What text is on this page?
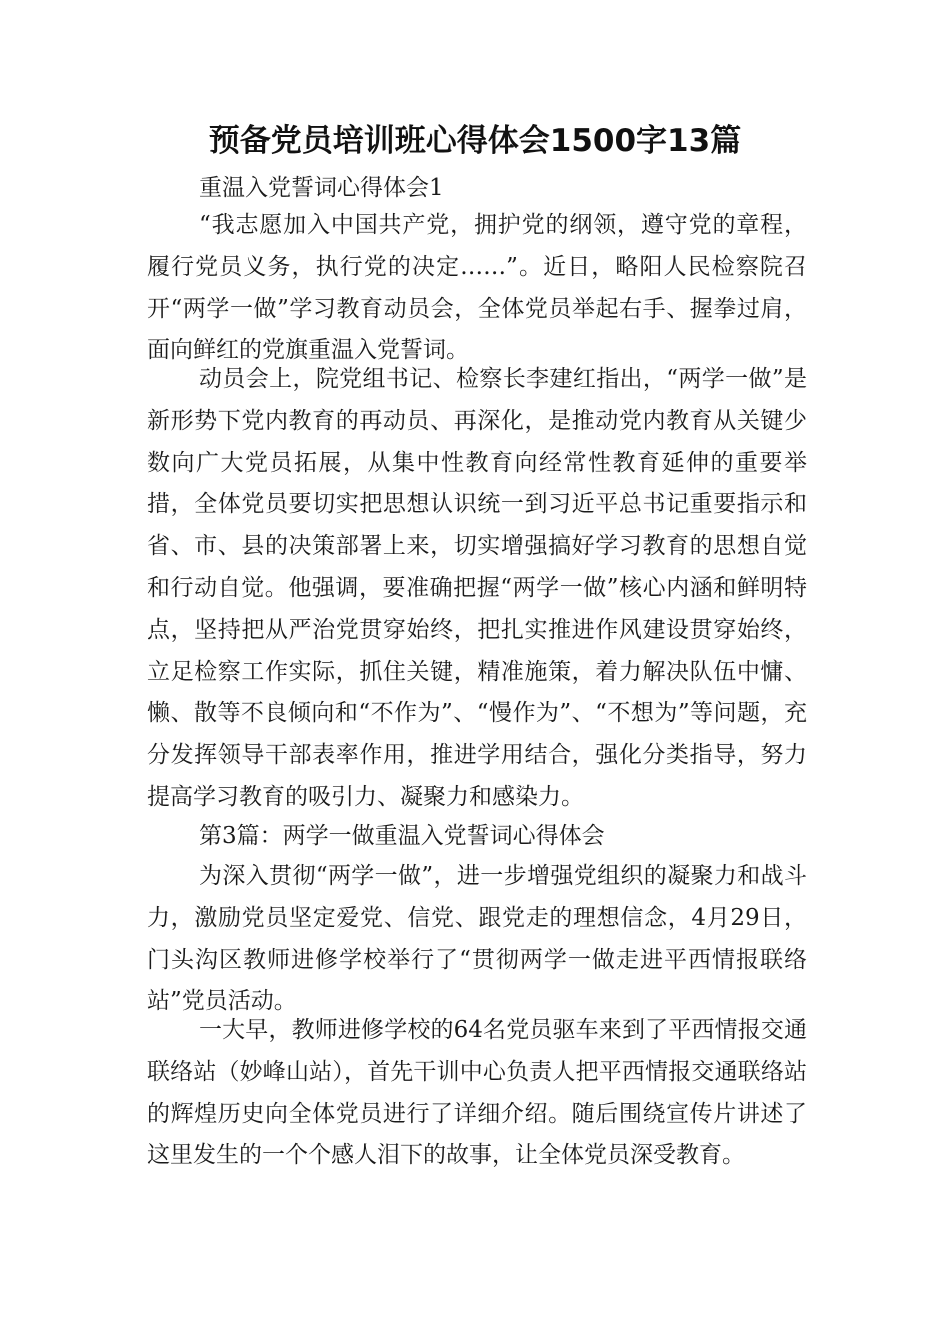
预备党员培训班心得体会1500字13篇
重温入党誓词心得体会1

“我志愿加入中国共产党，拥护党的纲领，遵守党的章程，履行党员义务，执行党的决定……”。近日，略阳人民检察院召开“两学一做”学习教育动员会，全体党员举起右手、握拳过肩，面向鲜红的党旗重温入党誓词。

动员会上，院党组书记、检察长李建红指出，“两学一做”是新形势下党内教育的再动员、再深化，是推动党内教育从关键少数向广大党员拓展，从集中性教育向经常性教育延伸的重要举措，全体党员要切实把思想认识统一到习近平总书记重要指示和省、市、县的决策部署上来，切实增强搞好学习教育的思想自觉和行动自觉。他强调，要准确把握“两学一做”核心内涵和鲜明特点，坚持把从严治党贯穿始终，把扎实推进作风建设贯穿始终，立足检察工作实际，抓住关键，精准施策，着力解决队伍中慵、懒、散等不良倾向和“不作为”、“慢作为”、“不想为”等问题，充分发挥领导干部表率作用，推进学用结合，强化分类指导，努力提高学习教育的吸引力、凝聚力和感染力。

第3篇：两学一做重温入党誓词心得体会

为深入贯彻“两学一做”，进一步增强党组织的凝聚力和战斗力，激励党员坚定爱党、信党、跟党走的理想信念，4月29日，门头沟区教师进修学校举行了“贯彻两学一做走进平西情报联络站”党员活动。

一大早，教师进修学校的64名党员驱车来到了平西情报交通联络站（妙峰山站），首先干训中心负责人把平西情报交通联络站的辉煌历史向全体党员进行了详细介绍。随后围绕宣传片讲述了这里发生的一个个感人泪下的故事，让全体党员深受教育。
